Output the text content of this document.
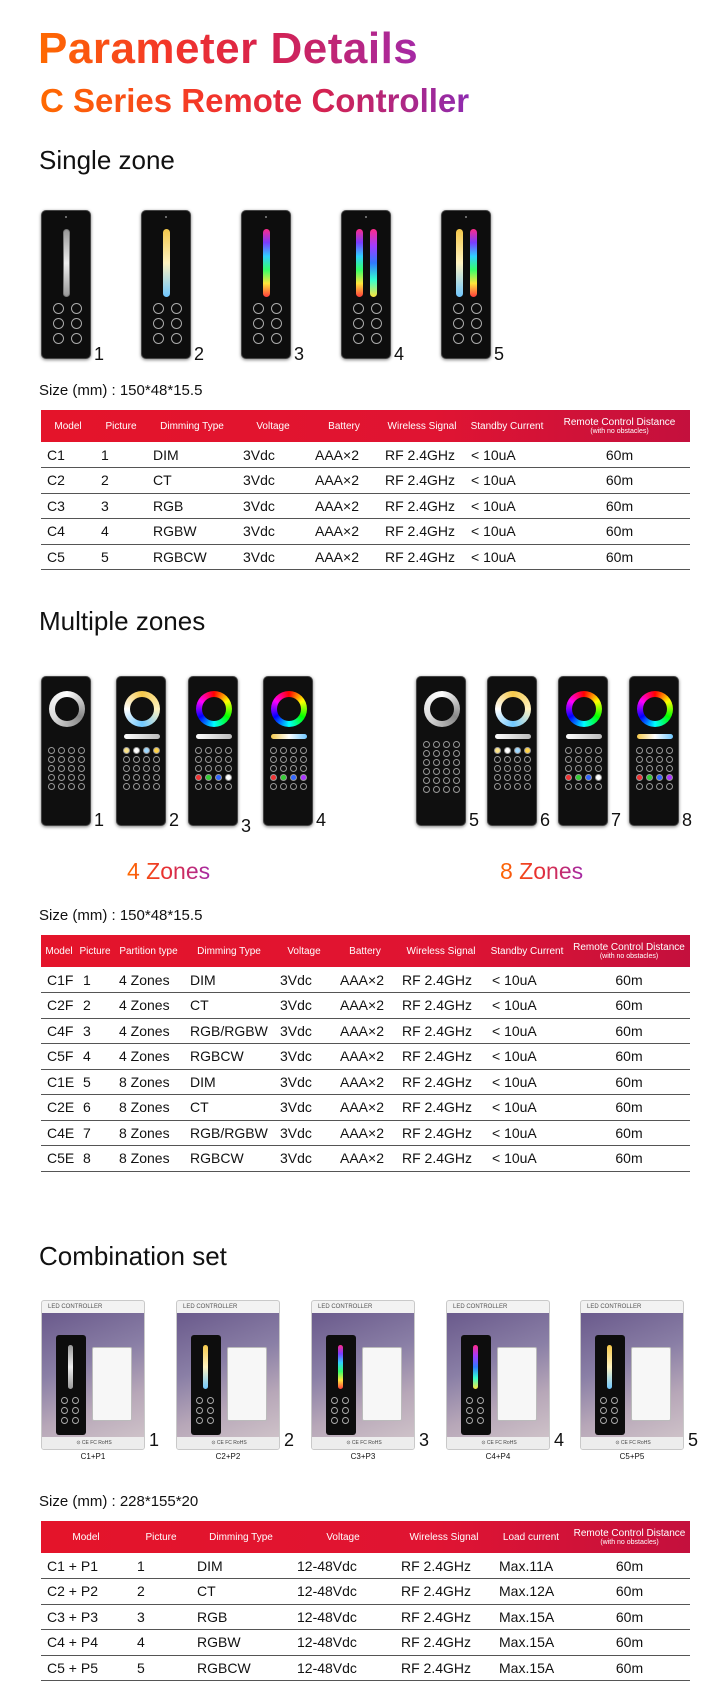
Parameter Details
C Series Remote Controller
Single zone
1	2	3	4	5
Size (mm) : 150*48*15.5
Model	Picture	Dimming Type	Voltage	Battery	Wireless Signal	Standby Current	Remote Control Distance
(with no obstacles)

C1	1	DIM	3Vdc	AAA×2	RF 2.4GHz	< 10uA	60m
C2	2	CT	3Vdc	AAA×2	RF 2.4GHz	< 10uA	60m
C3	3	RGB	3Vdc	AAA×2	RF 2.4GHz	< 10uA	60m
C4	4	RGBW	3Vdc	AAA×2	RF 2.4GHz	< 10uA	60m
C5	5	RGBCW	3Vdc	AAA×2	RF 2.4GHz	< 10uA	60m
Multiple zones
1	2	3	4	5	6	7	8
4 Zones	8 Zones
Size (mm) : 150*48*15.5
Model	Picture	Partition type	Dimming Type	Voltage	Battery	Wireless Signal	Standby Current	Remote Control Distance
(with no obstacles)

C1F	1	4 Zones	DIM	3Vdc	AAA×2	RF 2.4GHz	< 10uA	60m
C2F	2	4 Zones	CT	3Vdc	AAA×2	RF 2.4GHz	< 10uA	60m
C4F	3	4 Zones	RGB/RGBW	3Vdc	AAA×2	RF 2.4GHz	< 10uA	60m
C5F	4	4 Zones	RGBCW	3Vdc	AAA×2	RF 2.4GHz	< 10uA	60m
C1E	5	8 Zones	DIM	3Vdc	AAA×2	RF 2.4GHz	< 10uA	60m
C2E	6	8 Zones	CT	3Vdc	AAA×2	RF 2.4GHz	< 10uA	60m
C4E	7	8 Zones	RGB/RGBW	3Vdc	AAA×2	RF 2.4GHz	< 10uA	60m
C5E	8	8 Zones	RGBCW	3Vdc	AAA×2	RF 2.4GHz	< 10uA	60m
Combination set
LED CONTROLLER
⊙ CE FC RoHS
C1+P1
1
LED CONTROLLER
⊙ CE FC RoHS
C2+P2
2
LED CONTROLLER
⊙ CE FC RoHS
C3+P3
3
LED CONTROLLER
⊙ CE FC RoHS
C4+P4
4
LED CONTROLLER
⊙ CE FC RoHS
C5+P5
5
Size (mm) : 228*155*20
Model	Picture	Dimming Type	Voltage	Wireless Signal	Load current	Remote Control Distance
(with no obstacles)

C1 + P1	1	DIM	12-48Vdc	RF 2.4GHz	Max.11A	60m
C2 + P2	2	CT	12-48Vdc	RF 2.4GHz	Max.12A	60m
C3 + P3	3	RGB	12-48Vdc	RF 2.4GHz	Max.15A	60m
C4 + P4	4	RGBW	12-48Vdc	RF 2.4GHz	Max.15A	60m
C5 + P5	5	RGBCW	12-48Vdc	RF 2.4GHz	Max.15A	60m
